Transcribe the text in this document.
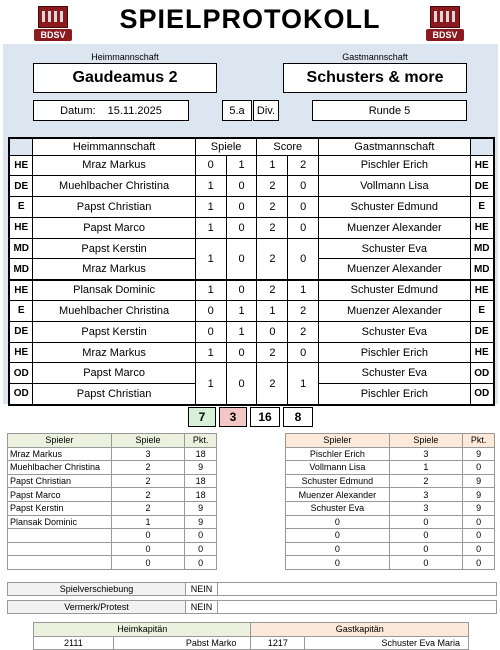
BDSV	BDSV
SPIELPROTOKOLL
Heimmannschaft
Gaudeamus 2
Gastmannschaft
Schusters & more
Datum: 15.11.2025	5.a	Div.	Runde 5
	Heimmannschaft	Spiele		Score		Gastmannschaft	
HE	Mraz Markus	0	1	1	2	Pischler Erich	HE
DE	Muehlbacher Christina	1	0	2	0	Vollmann Lisa	DE
E	Papst Christian	1	0	2	0	Schuster Edmund	E
HE	Papst Marco	1	0	2	0	Muenzer Alexander	HE
MD	Papst Kerstin	1	0	2	0	Schuster Eva	MD
MD	Mraz Markus					Muenzer Alexander	MD
HE	Plansak Dominic	1	0	2	1	Schuster Edmund	HE
E	Muehlbacher Christina	0	1	1	2	Muenzer Alexander	E
DE	Papst Kerstin	0	1	0	2	Schuster Eva	DE
HE	Mraz Markus	1	0	2	0	Pischler Erich	HE
OD	Papst Marco	1	0	2	1	Schuster Eva	OD
OD	Papst Christian					Pischler Erich	OD
7	3	16	8
Spieler	Spiele	Pkt.
Mraz Markus	3	18
Muehlbacher Christina	2	9
Papst Christian	2	18
Papst Marco	2	18
Papst Kerstin	2	9
Plansak Dominic	1	9
	0	0
	0	0
	0	0
Spieler	Spiele	Pkt.
Pischler Erich	3	9
Vollmann Lisa	1	0
Schuster Edmund	2	9
Muenzer Alexander	3	9
Schuster Eva	3	9
0	0	0
0	0	0
0	0	0
0	0	0
Spielverschiebung	NEIN
Vermerk/Protest	NEIN
Heimkapitän		Gastkapitän	
2111	Pabst Marko	1217	Schuster Eva Maria
